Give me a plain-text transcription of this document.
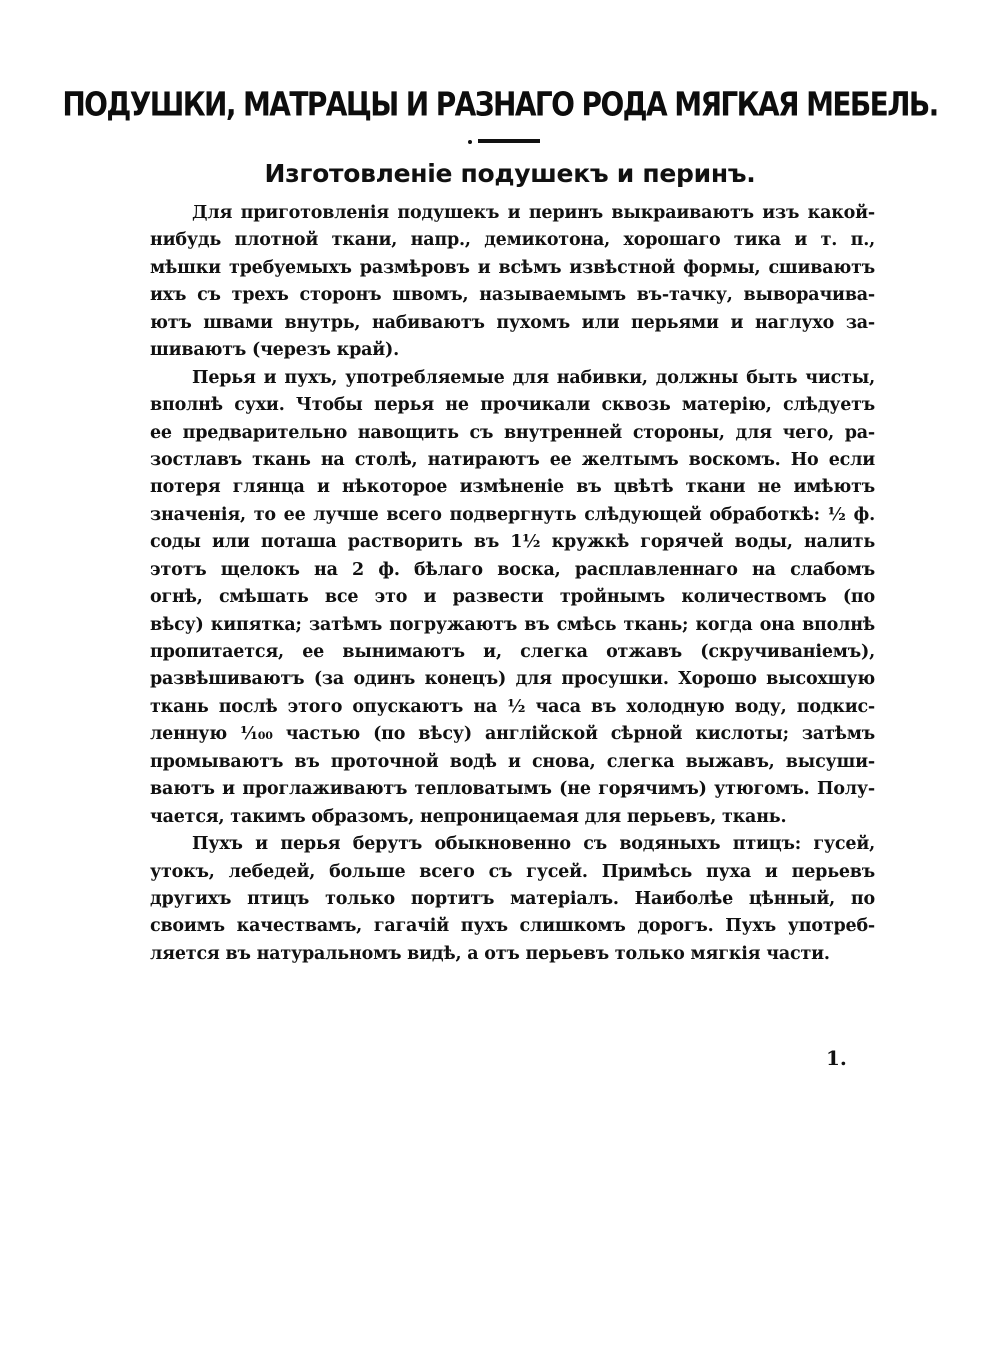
ПОДУШКИ, МАТРАЦЫ И РАЗНАГО РОДА МЯГКАЯ МЕБЕЛЬ.
Изготовленіе подушекъ и перинъ.

Для приготовленія подушекъ и перинъ выкраиваютъ изъ какой-
нибудь плотной ткани, напр., демикотона, хорошаго тика и т. п.,
мѣшки требуемыхъ размѣровъ и всѣмъ извѣстной формы, сшиваютъ
ихъ съ трехъ сторонъ швомъ, называемымъ въ-тачку, выворачива-
ютъ швами внутрь, набиваютъ пухомъ или перьями и наглухо за-
шиваютъ (черезъ край).

Перья и пухъ, употребляемые для набивки, должны быть чисты,
вполнѣ сухи. Чтобы перья не прочикали сквозь матерію, слѣдуетъ
ее предварительно навощить съ внутренней стороны, для чего, ра-
зостлавъ ткань на столѣ, натираютъ ее желтымъ воскомъ. Но если
потеря глянца и нѣкоторое измѣненіе въ цвѣтѣ ткани не имѣютъ
значенія, то ее лучше всего подвергнуть слѣдующей обработкѣ: ½ ф.
соды или поташа растворить въ 1½ кружкѣ горячей воды, налить
этотъ щелокъ на 2 ф. бѣлаго воска, расплавленнаго на слабомъ
огнѣ, смѣшать все это и развести тройнымъ количествомъ (по
вѣсу) кипятка; затѣмъ погружаютъ въ смѣсь ткань; когда она вполнѣ
пропитается, ее вынимаютъ и, слегка отжавъ (скручиваніемъ),
развѣшиваютъ (за одинъ конецъ) для просушки. Хорошо высохшую
ткань послѣ этого опускаютъ на ½ часа въ холодную воду, подкис-
ленную ¹⁄₁₀₀ частью (по вѣсу) англійской сѣрной кислоты; затѣмъ
промываютъ въ проточной водѣ и снова, слегка выжавъ, высуши-
ваютъ и проглаживаютъ тепловатымъ (не горячимъ) утюгомъ. Полу-
чается, такимъ образомъ, непроницаемая для перьевъ, ткань.

Пухъ и перья берутъ обыкновенно съ водяныхъ птицъ: гусей,
утокъ, лебедей, больше всего съ гусей. Примѣсь пуха и перьевъ
другихъ птицъ только портитъ матеріалъ. Наиболѣе цѣнный, по
своимъ качествамъ, гагачій пухъ слишкомъ дорогъ. Пухъ употреб-
ляется въ натуральномъ видѣ, а отъ перьевъ только мягкія части.

1.
